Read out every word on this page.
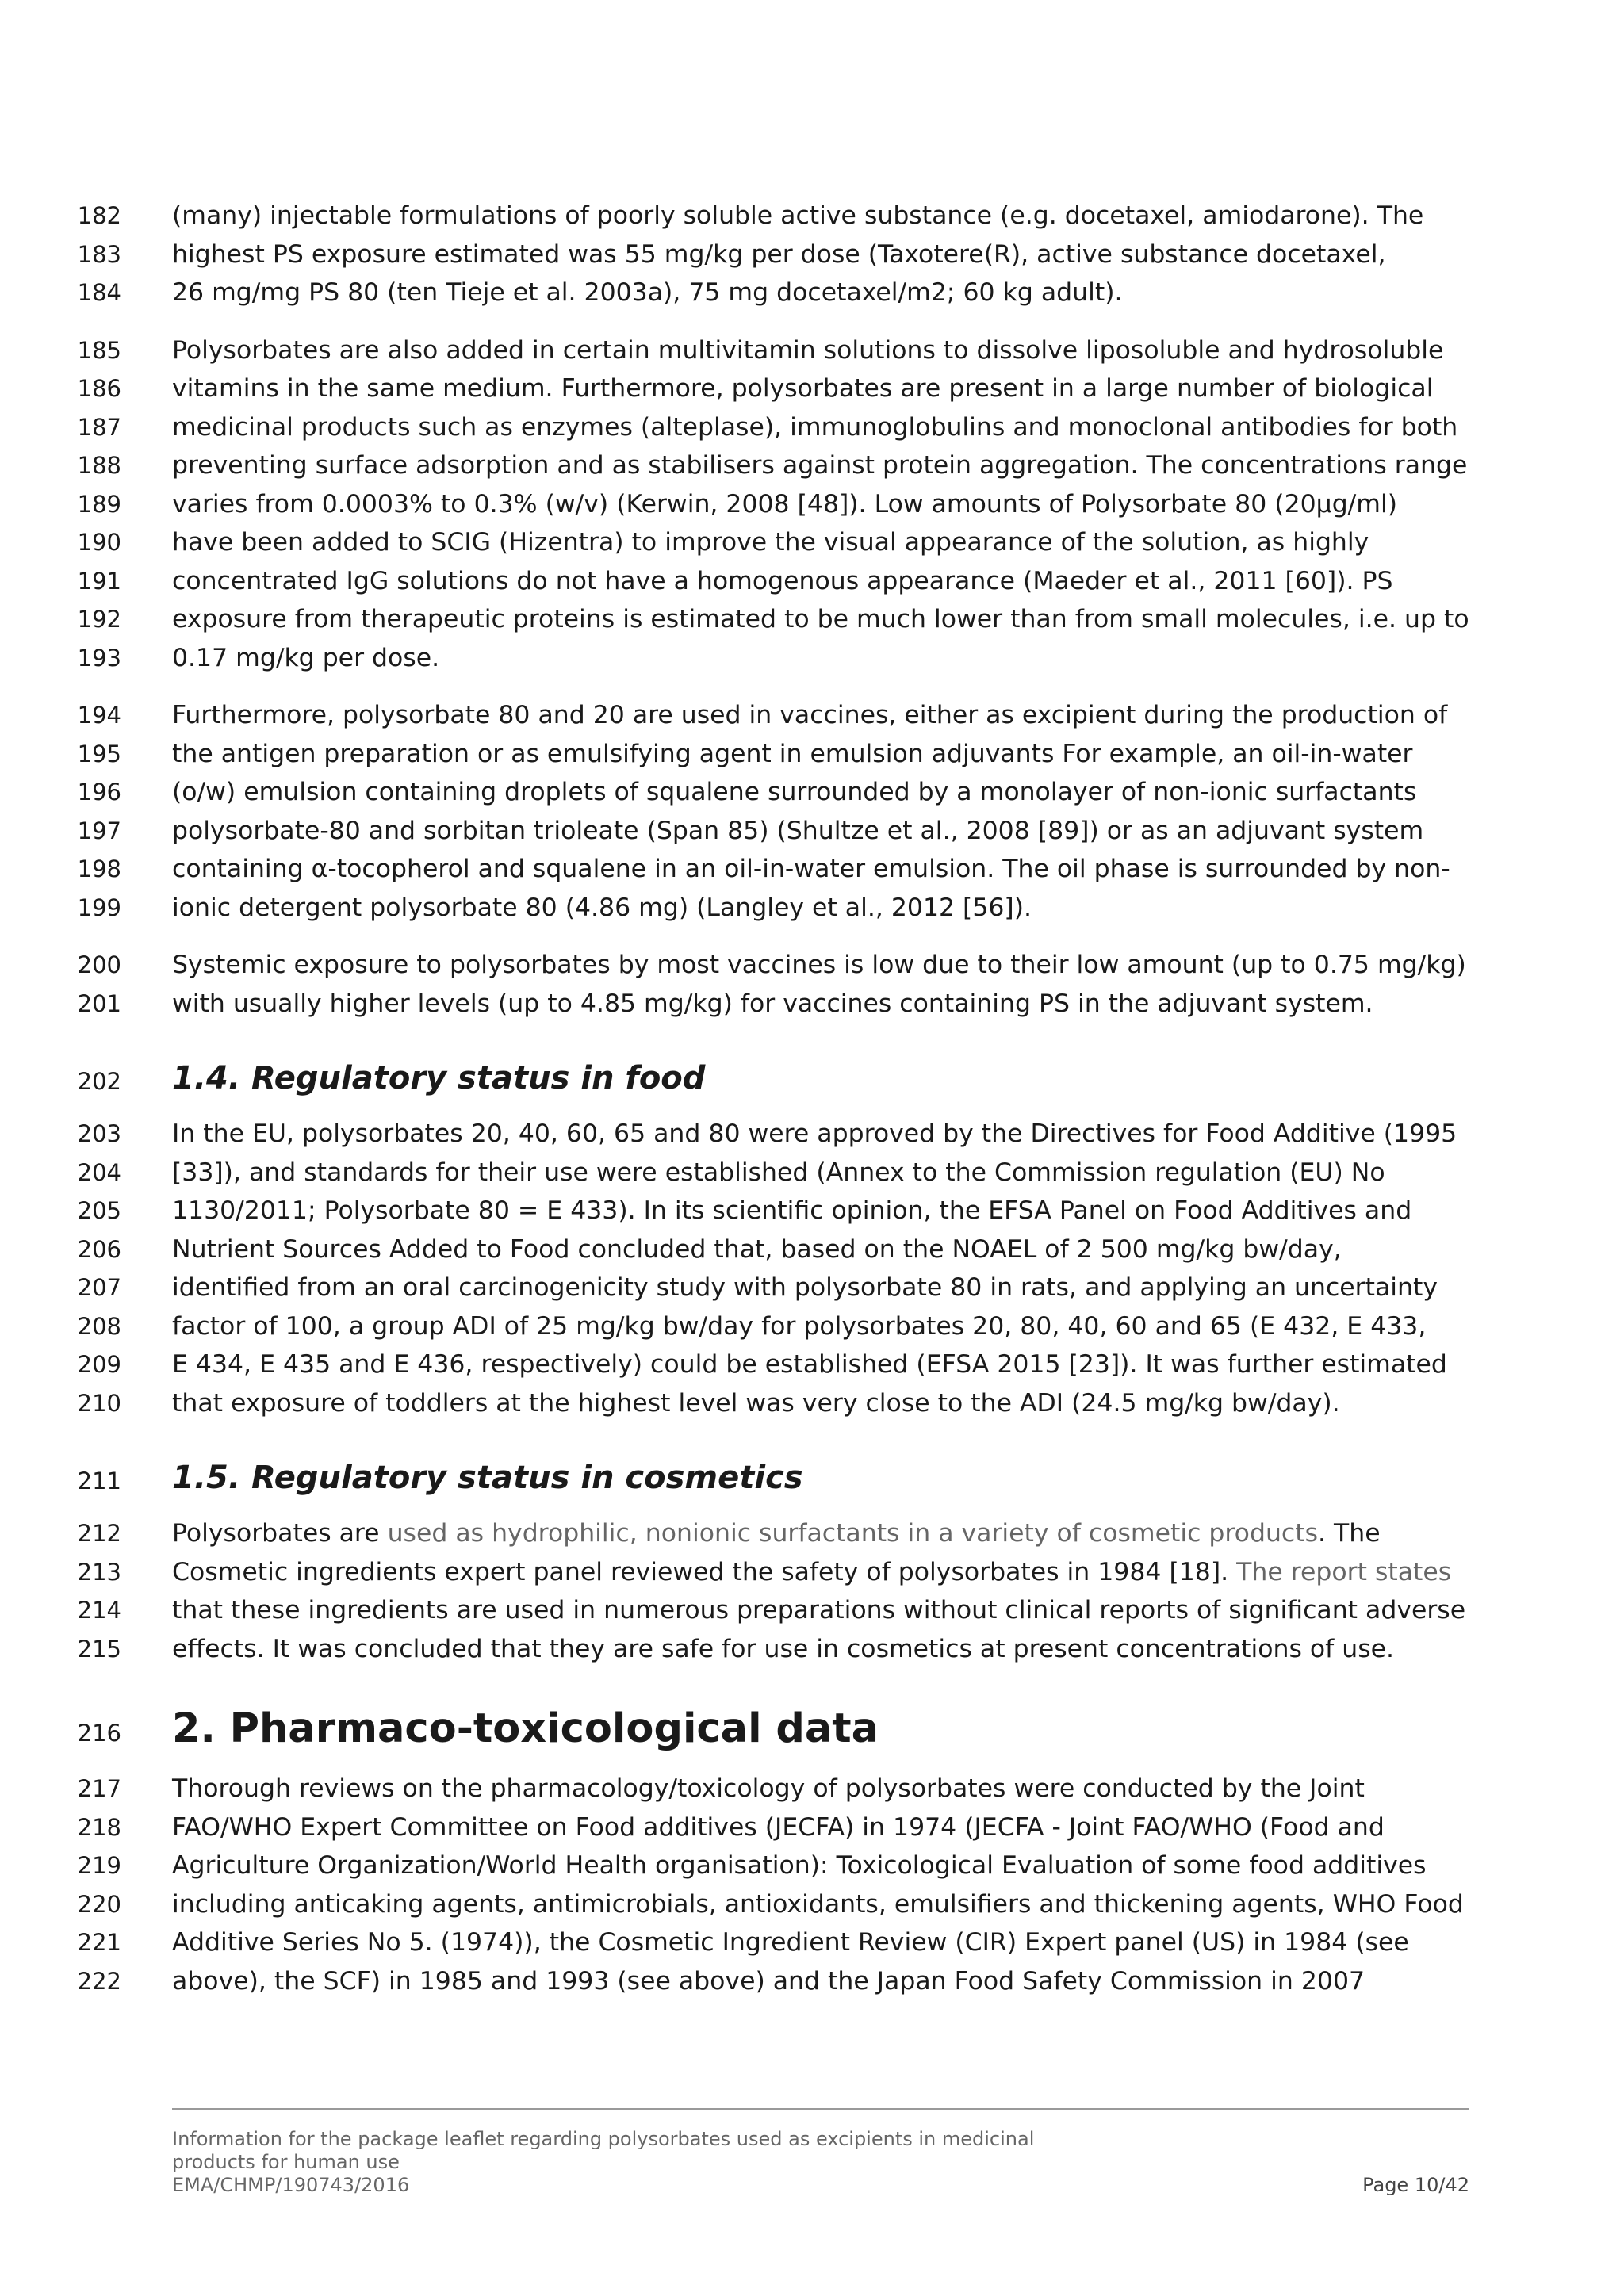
182 (many) injectable formulations of poorly soluble active substance (e.g. docetaxel, amiodarone). The
183 highest PS exposure estimated was 55 mg/kg per dose (Taxotere(R), active substance docetaxel,
184 26 mg/mg PS 80 (ten Tieje et al. 2003a), 75 mg docetaxel/m2; 60 kg adult).
185 Polysorbates are also added in certain multivitamin solutions to dissolve liposoluble and hydrosoluble
186 vitamins in the same medium. Furthermore, polysorbates are present in a large number of biological
187 medicinal products such as enzymes (alteplase), immunoglobulins and monoclonal antibodies for both
188 preventing surface adsorption and as stabilisers against protein aggregation. The concentrations range
189 varies from 0.0003% to 0.3% (w/v) (Kerwin, 2008 [48]). Low amounts of Polysorbate 80 (20µg/ml)
190 have been added to SCIG (Hizentra) to improve the visual appearance of the solution, as highly
191 concentrated IgG solutions do not have a homogenous appearance (Maeder et al., 2011 [60]). PS
192 exposure from therapeutic proteins is estimated to be much lower than from small molecules, i.e. up to
193 0.17 mg/kg per dose.
194 Furthermore, polysorbate 80 and 20 are used in vaccines, either as excipient during the production of
195 the antigen preparation or as emulsifying agent in emulsion adjuvants For example, an oil-in-water
196 (o/w) emulsion containing droplets of squalene surrounded by a monolayer of non-ionic surfactants
197 polysorbate-80 and sorbitan trioleate (Span 85) (Shultze et al., 2008 [89]) or as an adjuvant system
198 containing α-tocopherol and squalene in an oil-in-water emulsion. The oil phase is surrounded by non-
199 ionic detergent polysorbate 80 (4.86 mg) (Langley et al., 2012 [56]).
200 Systemic exposure to polysorbates by most vaccines is low due to their low amount (up to 0.75 mg/kg)
201 with usually higher levels (up to 4.85 mg/kg) for vaccines containing PS in the adjuvant system.
202 1.4. Regulatory status in food
203 In the EU, polysorbates 20, 40, 60, 65 and 80 were approved by the Directives for Food Additive (1995
204 [33]), and standards for their use were established (Annex to the Commission regulation (EU) No
205 1130/2011; Polysorbate 80 = E 433). In its scientific opinion, the EFSA Panel on Food Additives and
206 Nutrient Sources Added to Food concluded that, based on the NOAEL of 2 500 mg/kg bw/day,
207 identified from an oral carcinogenicity study with polysorbate 80 in rats, and applying an uncertainty
208 factor of 100, a group ADI of 25 mg/kg bw/day for polysorbates 20, 80, 40, 60 and 65 (E 432, E 433,
209 E 434, E 435 and E 436, respectively) could be established (EFSA 2015 [23]). It was further estimated
210 that exposure of toddlers at the highest level was very close to the ADI (24.5 mg/kg bw/day).
211 1.5. Regulatory status in cosmetics
212 Polysorbates are used as hydrophilic, nonionic surfactants in a variety of cosmetic products. The
213 Cosmetic ingredients expert panel reviewed the safety of polysorbates in 1984 [18]. The report states
214 that these ingredients are used in numerous preparations without clinical reports of significant adverse
215 effects. It was concluded that they are safe for use in cosmetics at present concentrations of use.
216 2. Pharmaco-toxicological data
217 Thorough reviews on the pharmacology/toxicology of polysorbates were conducted by the Joint
218 FAO/WHO Expert Committee on Food additives (JECFA) in 1974 (JECFA - Joint FAO/WHO (Food and
219 Agriculture Organization/World Health organisation): Toxicological Evaluation of some food additives
220 including anticaking agents, antimicrobials, antioxidants, emulsifiers and thickening agents, WHO Food
221 Additive Series No 5. (1974)), the Cosmetic Ingredient Review (CIR) Expert panel (US) in 1984 (see
222 above), the SCF) in 1985 and 1993 (see above) and the Japan Food Safety Commission in 2007
Information for the package leaflet regarding polysorbates used as excipients in medicinal
products for human use
EMA/CHMP/190743/2016	Page 10/42
